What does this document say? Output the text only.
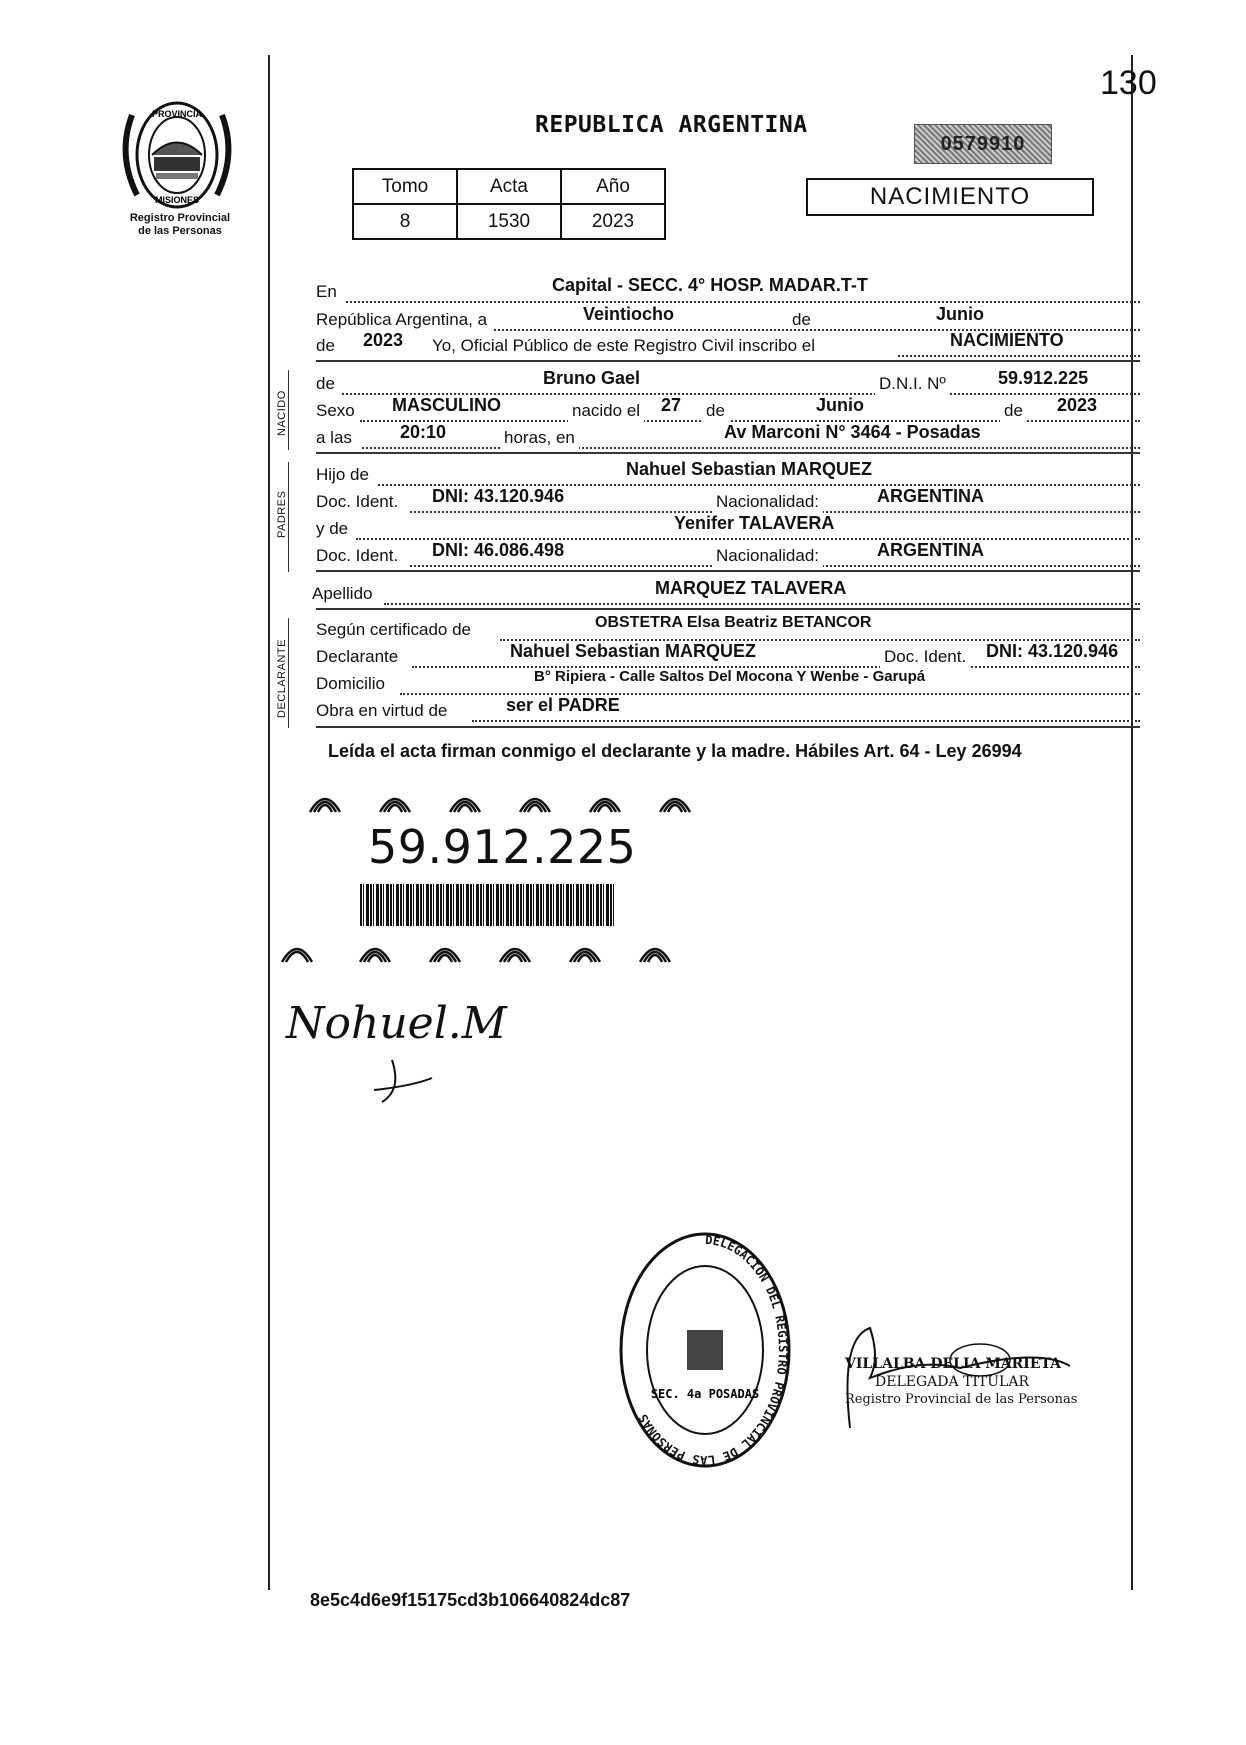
130
PROVINCIA
MISIONES
Registro Provincial
de las Personas
REPUBLICA ARGENTINA
0579910
Tomo	Acta	Año
8	1530	2023
NACIMIENTO
En	Capital - SECC. 4° HOSP. MADAR.T-T
República Argentina, a	Veintiocho	de	Junio
de 2023 Yo, Oficial Público de este Registro Civil inscribo el	NACIMIENTO
NACIDO
de	Bruno Gael	D.N.I. Nº	59.912.225
Sexo MASCULINO	nacido el 27 de	Junio	de 2023
a las	20:10	horas, en	Av Marconi N° 3464 - Posadas
PADRES
Hijo de	Nahuel Sebastian MARQUEZ
Doc. Ident. DNI: 43.120.946	Nacionalidad:	ARGENTINA
y de	Yenifer TALAVERA
Doc. Ident. DNI: 46.086.498	Nacionalidad:	ARGENTINA
Apellido	MARQUEZ TALAVERA
DECLARANTE
Según certificado de	OBSTETRA Elsa Beatriz BETANCOR
Declarante	Nahuel Sebastian MARQUEZ	Doc. Ident. DNI: 43.120.946
Domicilio	B° Ripiera - Calle Saltos Del Mocona Y Wenbe - Garupá
Obra en virtud de	ser el PADRE
Leída el acta firman conmigo el declarante y la madre. Hábiles Art. 64 - Ley 26994
59.912.225
Nohuel.M
DELEGACION DEL REGISTRO PROVINCIAL DE LAS PERSONAS
SEC. 4a POSADAS
VILLALBA DELIA MARIETA
DELEGADA TITULAR
Registro Provincial de las Personas
8e5c4d6e9f15175cd3b106640824dc87
